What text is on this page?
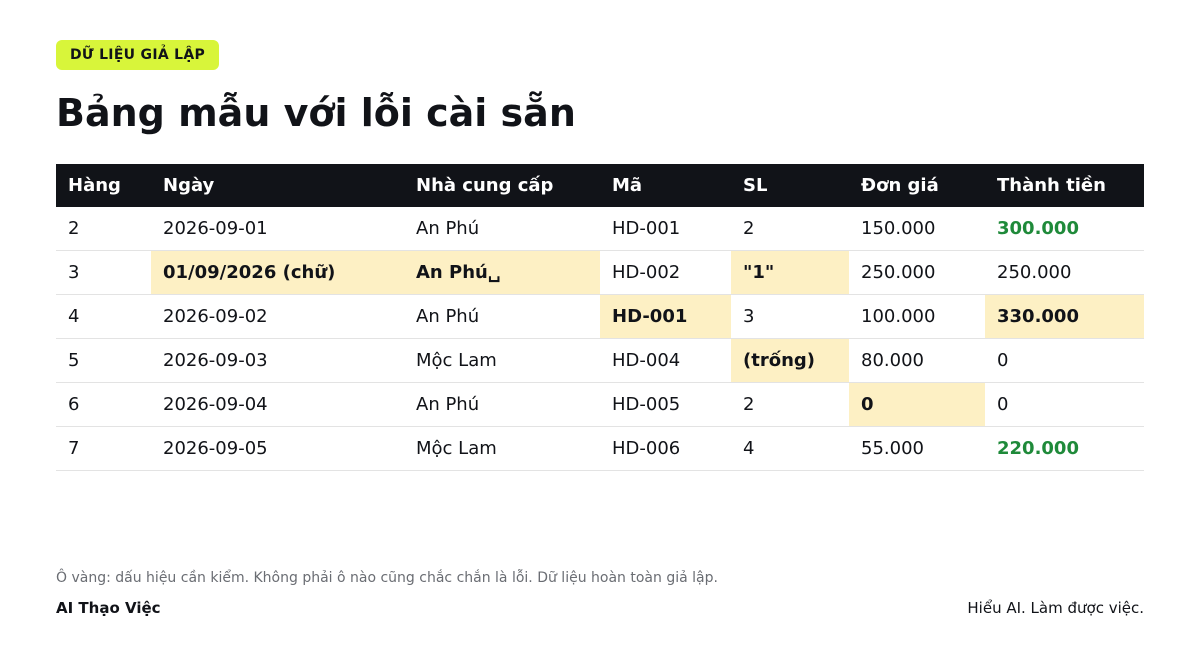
DỮ LIỆU GIẢ LẬP
Bảng mẫu với lỗi cài sẵn
Hàng	Ngày	Nhà cung cấp	Mã	SL	Đơn giá	Thành tiền
2	2026-09-01	An Phú	HD-001	2	150.000	300.000
3	01/09/2026 (chữ)	An Phú␣	HD-002	"1"	250.000	250.000
4	2026-09-02	An Phú	HD-001	3	100.000	330.000
5	2026-09-03	Mộc Lam	HD-004	(trống)	80.000	0
6	2026-09-04	An Phú	HD-005	2	0	0
7	2026-09-05	Mộc Lam	HD-006	4	55.000	220.000
Ô vàng: dấu hiệu cần kiểm. Không phải ô nào cũng chắc chắn là lỗi. Dữ liệu hoàn toàn giả lập.
AI Thạo Việc	Hiểu AI. Làm được việc.
